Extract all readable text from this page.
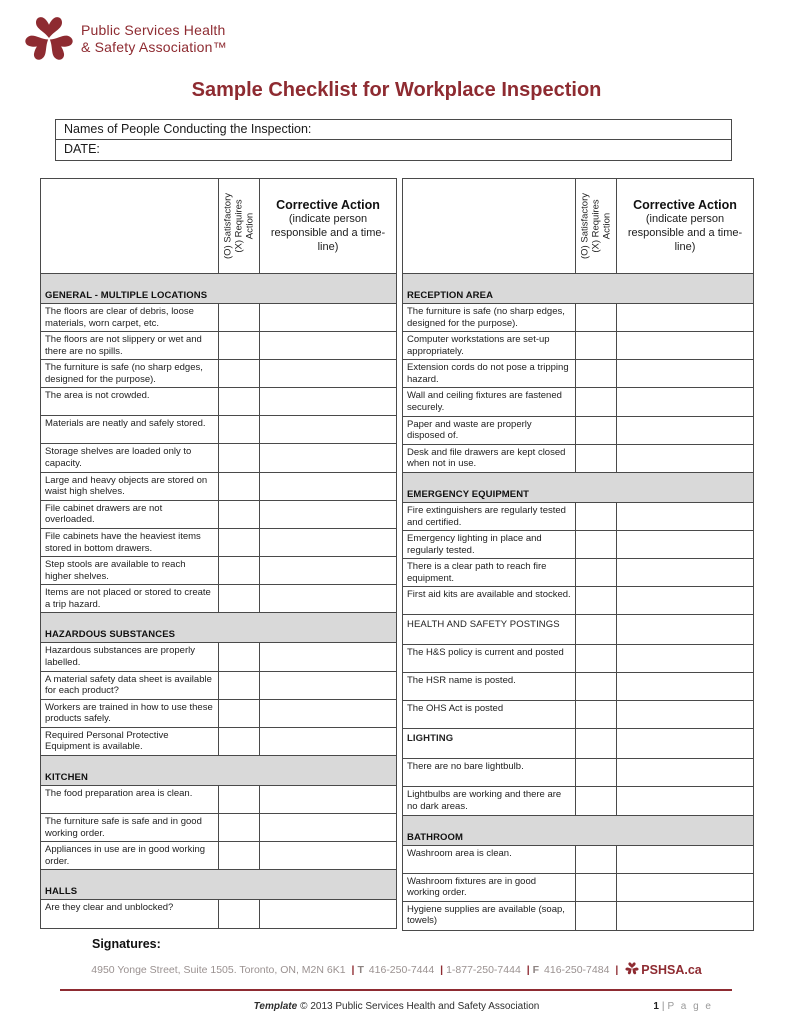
Public Services Health
& Safety Association™
Sample Checklist for Workplace Inspection
Names of People Conducting the Inspection:
DATE:
(O) Satisfactory (X) Requires Action
Corrective Action
(indicate person responsible and a time-line)
GENERAL - MULTIPLE LOCATIONS
The floors are clear of debris, loose materials, worn carpet, etc.
The floors are not slippery or wet and there are no spills.
The furniture is safe (no sharp edges, designed for the purpose).
The area is not crowded.
Materials are neatly and safely stored.
Storage shelves are loaded only to capacity.
Large and heavy objects are stored on waist high shelves.
File cabinet drawers are not overloaded.
File cabinets have the heaviest items stored in bottom drawers.
Step stools are available to reach higher shelves.
Items are not placed or stored to create a trip hazard.
HAZARDOUS SUBSTANCES
Hazardous substances are properly labelled.
A material safety data sheet is available for each product?
Workers are trained in how to use these products safely.
Required Personal Protective Equipment is available.
KITCHEN
The food preparation area is clean.
The furniture safe is safe and in good working order.
Appliances in use are in good working order.
HALLS
Are they clear and unblocked?
(O) Satisfactory (X) Requires Action
Corrective Action
(indicate person responsible and a time-line)
RECEPTION AREA
The furniture is safe (no sharp edges, designed for the purpose).
Computer workstations are set-up appropriately.
Extension cords do not pose a tripping hazard.
Wall and ceiling fixtures are fastened securely.
Paper and waste are properly disposed of.
Desk and file drawers are kept closed when not in use.
EMERGENCY EQUIPMENT
Fire extinguishers are regularly tested and certified.
Emergency lighting in place and regularly tested.
There is a clear path to reach fire equipment.
First aid kits are available and stocked.
HEALTH AND SAFETY POSTINGS
The H&S policy is current and posted
The HSR name is posted.
The OHS Act is posted
LIGHTING
There are no bare lightbulb.
Lightbulbs are working and there are no dark areas.
BATHROOM
Washroom area is clean.
Washroom fixtures are in good working order.
Hygiene supplies are available (soap, towels)
Signatures:
4950 Yonge Street, Suite 1505. Toronto, ON, M2N 6K1 | T 416-250-7444 | 1-877-250-7444 | F 416-250-7484 | PSHSA.ca
Template © 2013 Public Services Health and Safety Association	1 | P a g e
